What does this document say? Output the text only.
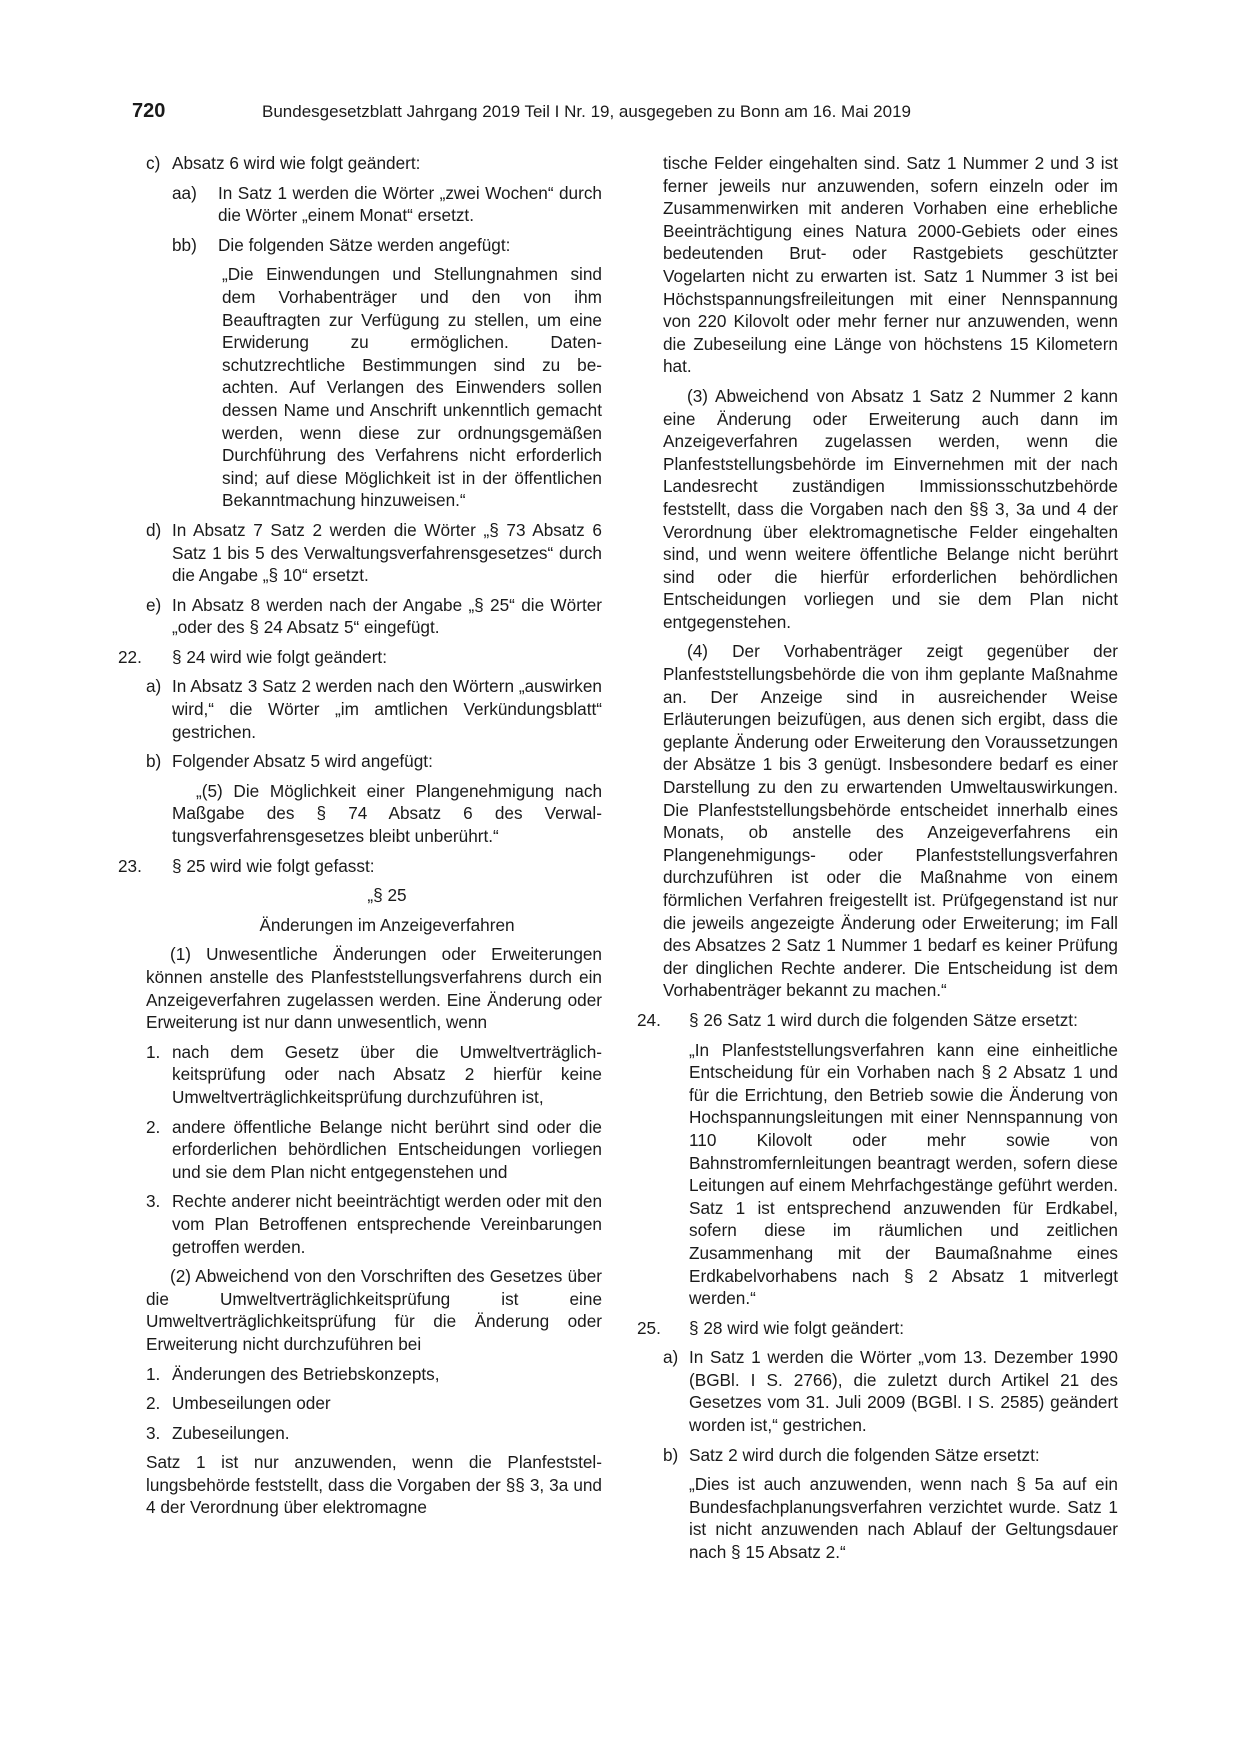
720	Bundesgesetzblatt Jahrgang 2019 Teil I Nr. 19, ausgegeben zu Bonn am 16. Mai 2019
c) Absatz 6 wird wie folgt geändert:
aa) In Satz 1 werden die Wörter „zwei Wochen“ durch die Wörter „einem Monat“ ersetzt.
bb) Die folgenden Sätze werden angefügt:

„Die Einwendungen und Stellungnahmen sind dem Vorhabenträger und den von ihm Beauftragten zur Verfügung zu stellen, um eine Erwiderung zu ermöglichen. Datenschutzrechtliche Bestimmungen sind zu beachten. Auf Verlangen des Einwenders sollen dessen Name und Anschrift unkenntlich gemacht werden, wenn diese zur ordnungsgemäßen Durchführung des Verfahrens nicht erforderlich sind; auf diese Möglichkeit ist in der öffentlichen Bekanntmachung hinzuweisen.“

d) In Absatz 7 Satz 2 werden die Wörter „§ 73 Absatz 6 Satz 1 bis 5 des Verwaltungsverfahrensgesetzes“ durch die Angabe „§ 10“ ersetzt.
e) In Absatz 8 werden nach der Angabe „§ 25“ die Wörter „oder des § 24 Absatz 5“ eingefügt.
22. § 24 wird wie folgt geändert:
a) In Absatz 3 Satz 2 werden nach den Wörtern „auswirken wird,“ die Wörter „im amtlichen Verkündungsblatt“ gestrichen.
b) Folgender Absatz 5 wird angefügt:

„(5) Die Möglichkeit einer Plangenehmigung nach Maßgabe des § 74 Absatz 6 des Verwaltungsverfahrensgesetzes bleibt unberührt.“

23. § 25 wird wie folgt gefasst:

„§ 25

Änderungen im Anzeigeverfahren

(1) Unwesentliche Änderungen oder Erweiterungen können anstelle des Planfeststellungsverfahrens durch ein Anzeigeverfahren zugelassen werden. Eine Änderung oder Erweiterung ist nur dann unwesentlich, wenn

1. nach dem Gesetz über die Umweltverträglichkeitsprüfung oder nach Absatz 2 hierfür keine Umweltverträglichkeitsprüfung durchzuführen ist,
2. andere öffentliche Belange nicht berührt sind oder die erforderlichen behördlichen Entscheidungen vorliegen und sie dem Plan nicht entgegenstehen und
3. Rechte anderer nicht beeinträchtigt werden oder mit den vom Plan Betroffenen entsprechende Vereinbarungen getroffen werden.

(2) Abweichend von den Vorschriften des Gesetzes über die Umweltverträglichkeitsprüfung ist eine Umweltverträglichkeitsprüfung für die Änderung oder Erweiterung nicht durchzuführen bei

1. Änderungen des Betriebskonzepts,
2. Umbeseilungen oder
3. Zubeseilungen.

Satz 1 ist nur anzuwenden, wenn die Planfeststellungsbehörde feststellt, dass die Vorgaben der §§ 3, 3a und 4 der Verordnung über elektromagne

tische Felder eingehalten sind. Satz 1 Nummer 2 und 3 ist ferner jeweils nur anzuwenden, sofern einzeln oder im Zusammenwirken mit anderen Vorhaben eine erhebliche Beeinträchtigung eines Natura 2000-Gebiets oder eines bedeutenden Brut- oder Rastgebiets geschützter Vogelarten nicht zu erwarten ist. Satz 1 Nummer 3 ist bei Höchstspannungsfreileitungen mit einer Nennspannung von 220 Kilovolt oder mehr ferner nur anzuwenden, wenn die Zubeseilung eine Länge von höchstens 15 Kilometern hat.

(3) Abweichend von Absatz 1 Satz 2 Nummer 2 kann eine Änderung oder Erweiterung auch dann im Anzeigeverfahren zugelassen werden, wenn die Planfeststellungsbehörde im Einvernehmen mit der nach Landesrecht zuständigen Immissionsschutzbehörde feststellt, dass die Vorgaben nach den §§ 3, 3a und 4 der Verordnung über elektromagnetische Felder eingehalten sind, und wenn weitere öffentliche Belange nicht berührt sind oder die hierfür erforderlichen behördlichen Entscheidungen vorliegen und sie dem Plan nicht entgegenstehen.

(4) Der Vorhabenträger zeigt gegenüber der Planfeststellungsbehörde die von ihm geplante Maßnahme an. Der Anzeige sind in ausreichender Weise Erläuterungen beizufügen, aus denen sich ergibt, dass die geplante Änderung oder Erweiterung den Voraussetzungen der Absätze 1 bis 3 genügt. Insbesondere bedarf es einer Darstellung zu den zu erwartenden Umweltauswirkungen. Die Planfeststellungsbehörde entscheidet innerhalb eines Monats, ob anstelle des Anzeigeverfahrens ein Plangenehmigungs- oder Planfeststellungsverfahren durchzuführen ist oder die Maßnahme von einem förmlichen Verfahren freigestellt ist. Prüfgegenstand ist nur die jeweils angezeigte Änderung oder Erweiterung; im Fall des Absatzes 2 Satz 1 Nummer 1 bedarf es keiner Prüfung der dinglichen Rechte anderer. Die Entscheidung ist dem Vorhabenträger bekannt zu machen.“

24. § 26 Satz 1 wird durch die folgenden Sätze ersetzt:

„In Planfeststellungsverfahren kann eine einheitliche Entscheidung für ein Vorhaben nach § 2 Absatz 1 und für die Errichtung, den Betrieb sowie die Änderung von Hochspannungsleitungen mit einer Nennspannung von 110 Kilovolt oder mehr sowie von Bahnstromfernleitungen beantragt werden, sofern diese Leitungen auf einem Mehrfachgestänge geführt werden. Satz 1 ist entsprechend anzuwenden für Erdkabel, sofern diese im räumlichen und zeitlichen Zusammenhang mit der Baumaßnahme eines Erdkabelvorhabens nach § 2 Absatz 1 mitverlegt werden.“

25. § 28 wird wie folgt geändert:
a) In Satz 1 werden die Wörter „vom 13. Dezember 1990 (BGBl. I S. 2766), die zuletzt durch Artikel 21 des Gesetzes vom 31. Juli 2009 (BGBl. I S. 2585) geändert worden ist,“ gestrichen.
b) Satz 2 wird durch die folgenden Sätze ersetzt:

„Dies ist auch anzuwenden, wenn nach § 5a auf ein Bundesfachplanungsverfahren verzichtet wurde. Satz 1 ist nicht anzuwenden nach Ablauf der Geltungsdauer nach § 15 Absatz 2.“
